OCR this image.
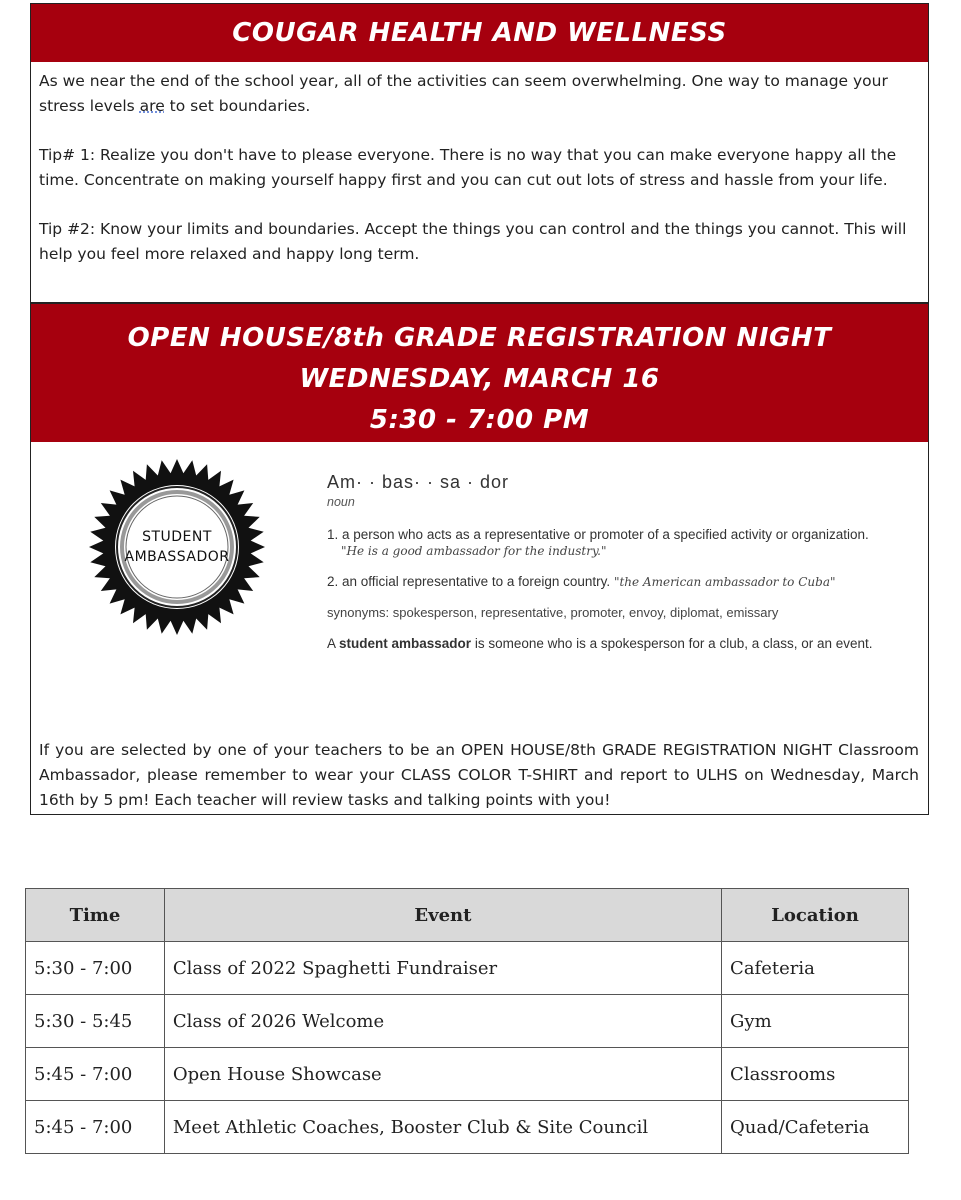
COUGAR HEALTH AND WELLNESS

As we near the end of the school year, all of the activities can seem overwhelming. One way to manage your stress levels are to set boundaries.

Tip# 1: Realize you don't have to please everyone. There is no way that you can make everyone happy all the time. Concentrate on making yourself happy first and you can cut out lots of stress and hassle from your life.

Tip #2: Know your limits and boundaries. Accept the things you can control and the things you cannot. This will help you feel more relaxed and happy long term.

OPEN HOUSE/8th GRADE REGISTRATION NIGHT
WEDNESDAY, MARCH 16
5:30 - 7:00 PM
STUDENT
AMBASSADOR

Am· · bas· · sa · dor

noun

1. a person who acts as a representative or promoter of a specified activity or organization.

"He is a good ambassador for the industry."

2. an official representative to a foreign country. "the American ambassador to Cuba"

synonyms: spokesperson, representative, promoter, envoy, diplomat, emissary

A student ambassador is someone who is a spokesperson for a club, a class, or an event.

If you are selected by one of your teachers to be an OPEN HOUSE/8th GRADE REGISTRATION NIGHT Classroom Ambassador, please remember to wear your CLASS COLOR T-SHIRT and report to ULHS on Wednesday, March 16th by 5 pm! Each teacher will review tasks and talking points with you!

Time	Event	Location
5:30 - 7:00	Class of 2022 Spaghetti Fundraiser	Cafeteria
5:30 - 5:45	Class of 2026 Welcome	Gym
5:45 - 7:00	Open House Showcase	Classrooms
5:45 - 7:00	Meet Athletic Coaches, Booster Club & Site Council	Quad/Cafeteria
